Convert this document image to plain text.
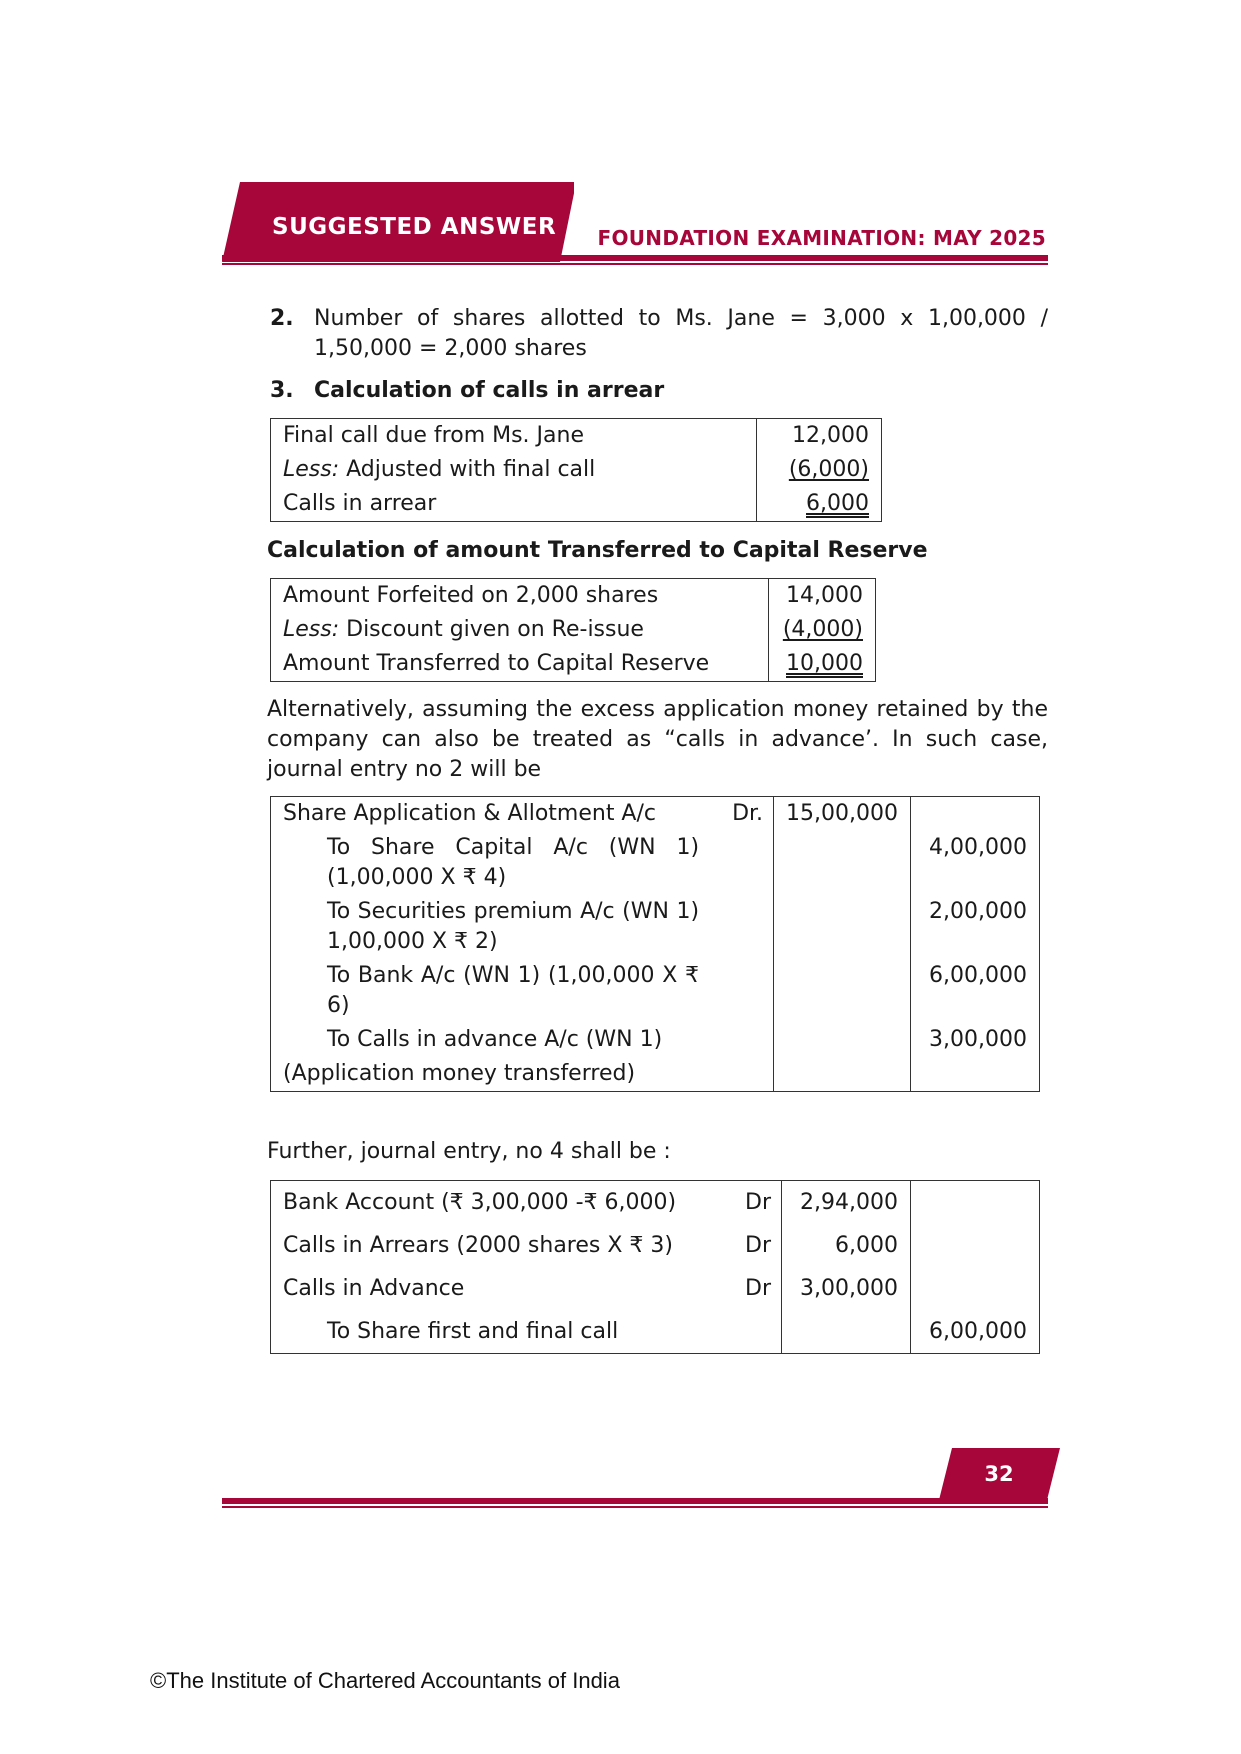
SUGGESTED ANSWER	FOUNDATION EXAMINATION: MAY 2025
2. Number of shares allotted to Ms. Jane = 3,000 x 1,00,000 / 1,50,000 = 2,000 shares
3. Calculation of calls in arrear
Final call due from Ms. Jane	12,000
Less: Adjusted with final call	(6,000)
Calls in arrear	6,000
Calculation of amount Transferred to Capital Reserve
Amount Forfeited on 2,000 shares	14,000
Less: Discount given on Re-issue	(4,000)
Amount Transferred to Capital Reserve	10,000
Alternatively, assuming the excess application money retained by the company can also be treated as “calls in advance’. In such case, journal entry no 2 will be
Share Application & Allotment A/c	Dr.	15,00,000	
To Share Capital A/c (WN 1) (1,00,000 X ₹ 4)			4,00,000
To Securities premium A/c (WN 1) 1,00,000 X ₹ 2)			2,00,000
To Bank A/c (WN 1) (1,00,000 X ₹ 6)			6,00,000
To Calls in advance A/c (WN 1)			3,00,000
(Application money transferred)			
Further, journal entry, no 4 shall be :
Bank Account (₹ 3,00,000 -₹ 6,000)	Dr	2,94,000	
Calls in Arrears (2000 shares X ₹ 3)	Dr	6,000	
Calls in Advance	Dr	3,00,000	
To Share first and final call			6,00,000
32
©The Institute of Chartered Accountants of India
